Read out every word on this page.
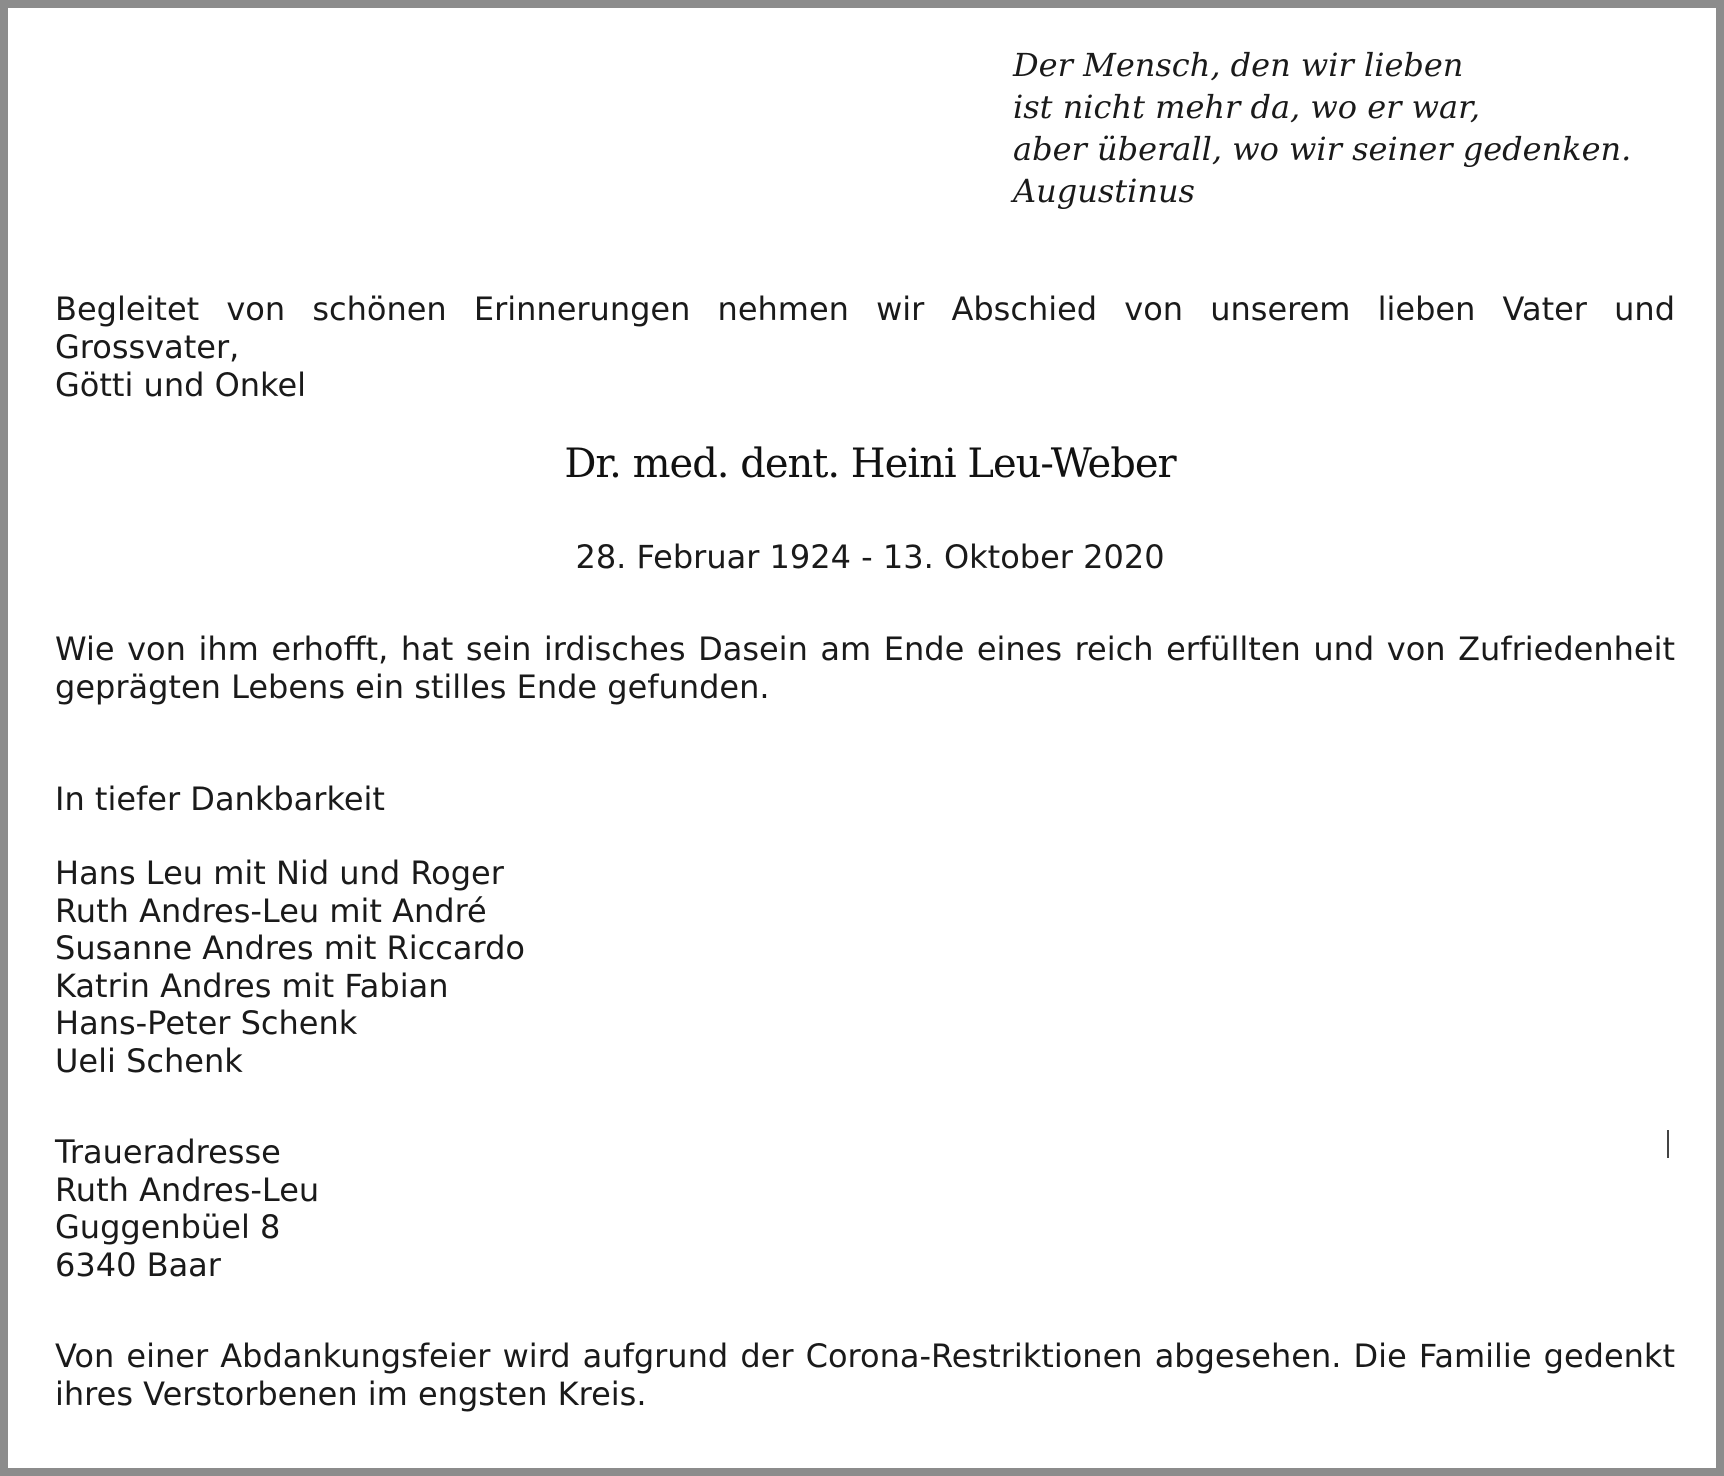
Der Mensch, den wir lieben
ist nicht mehr da, wo er war,
aber überall, wo wir seiner gedenken.
Augustinus
Begleitet von schönen Erinnerungen nehmen wir Abschied von unserem lieben Vater und Grossvater,
Götti und Onkel
Dr. med. dent. Heini Leu-Weber
28. Februar 1924 - 13. Oktober 2020
Wie von ihm erhofft, hat sein irdisches Dasein am Ende eines reich erfüllten und von Zufriedenheit
geprägten Lebens ein stilles Ende gefunden.
In tiefer Dankbarkeit
Hans Leu mit Nid und Roger
Ruth Andres-Leu mit André
Susanne Andres mit Riccardo
Katrin Andres mit Fabian
Hans-Peter Schenk
Ueli Schenk
Traueradresse
Ruth Andres-Leu
Guggenbüel 8
6340 Baar
Von einer Abdankungsfeier wird aufgrund der Corona-Restriktionen abgesehen. Die Familie gedenkt
ihres Verstorbenen im engsten Kreis.
